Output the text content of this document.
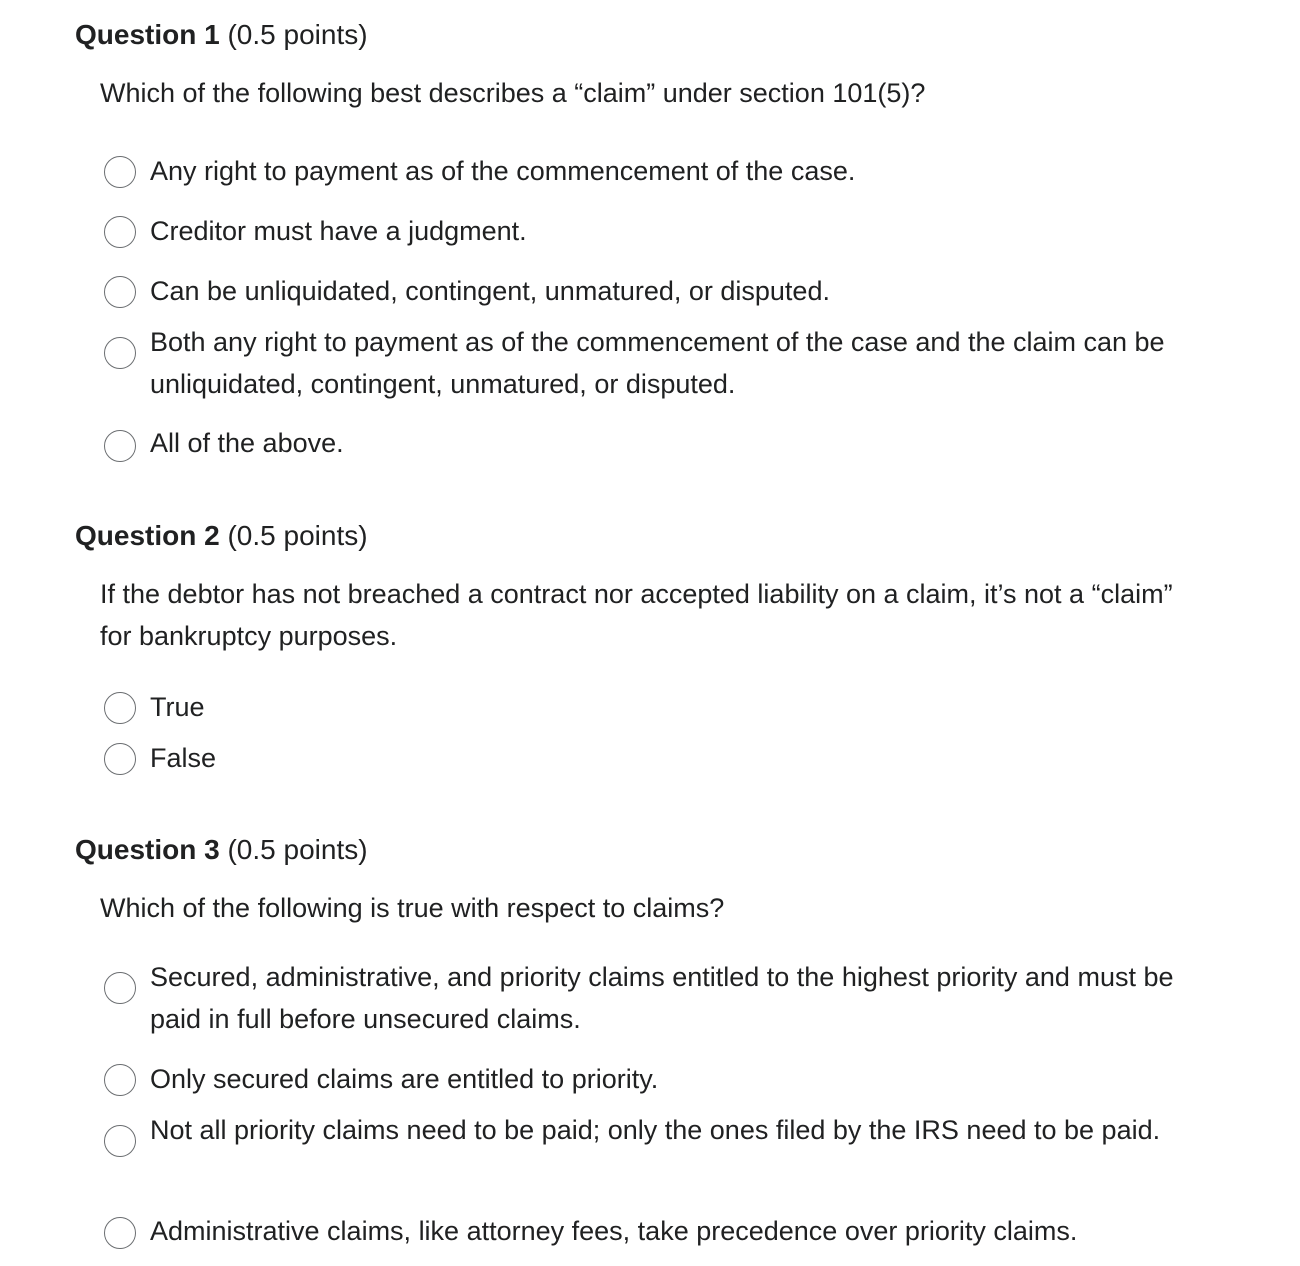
Question 1 (0.5 points)
Which of the following best describes a “claim” under section 101(5)?
Any right to payment as of the commencement of the case.
Creditor must have a judgment.
Can be unliquidated, contingent, unmatured, or disputed.
Both any right to payment as of the commencement of the case and the claim can be unliquidated, contingent, unmatured, or disputed.
All of the above.
Question 2 (0.5 points)
If the debtor has not breached a contract nor accepted liability on a claim, it’s not a “claim” for bankruptcy purposes.
True
False
Question 3 (0.5 points)
Which of the following is true with respect to claims?
Secured, administrative, and priority claims entitled to the highest priority and must be paid in full before unsecured claims.
Only secured claims are entitled to priority.
Not all priority claims need to be paid; only the ones filed by the IRS need to be paid.
Administrative claims, like attorney fees, take precedence over priority claims.
